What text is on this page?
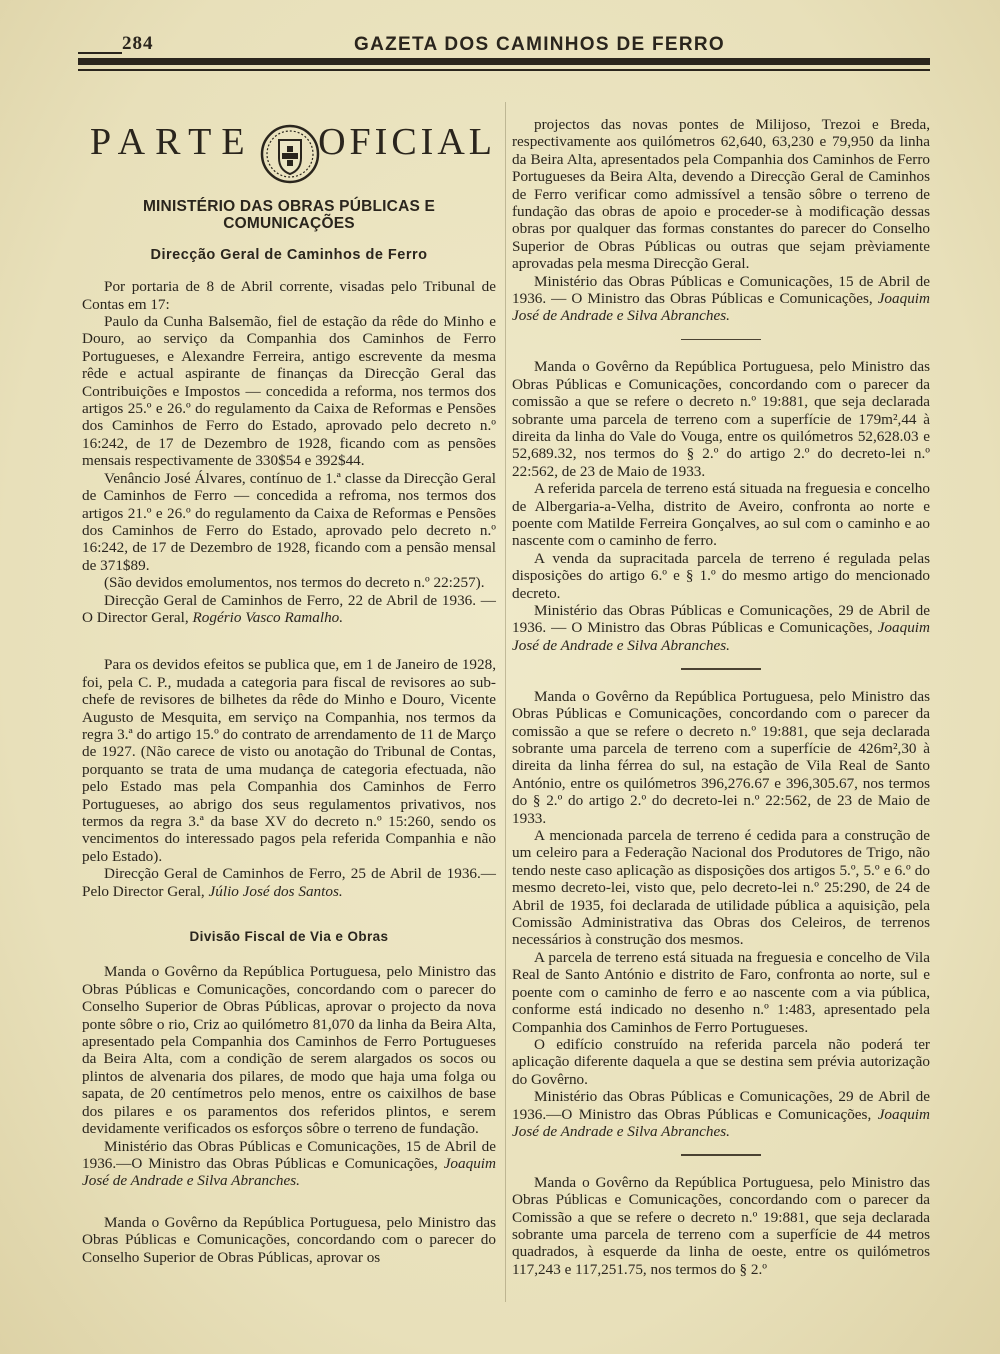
284	GAZETA DOS CAMINHOS DE FERRO
PARTE OFICIAL
MINISTÉRIO DAS OBRAS PÚBLICAS E COMUNICAÇÕES
Direcção Geral de Caminhos de Ferro

Por portaria de 8 de Abril corrente, visadas pelo Tribunal de Contas em 17:

Paulo da Cunha Balsemão, fiel de estação da rêde do Minho e Douro, ao serviço da Companhia dos Caminhos de Ferro Portugueses, e Alexandre Ferreira, antigo escrevente da mesma rêde e actual aspirante de finanças da Direcção Geral das Contribuições e Impostos — concedida a reforma, nos termos dos artigos 25.º e 26.º do regulamento da Caixa de Reformas e Pensões dos Caminhos de Ferro do Estado, aprovado pelo decreto n.º 16:242, de 17 de Dezembro de 1928, ficando com as pensões mensais respectivamente de 330$54 e 392$44.

Venâncio José Álvares, contínuo de 1.ª classe da Direcção Geral de Caminhos de Ferro — concedida a refroma, nos termos dos artigos 21.º e 26.º do regulamento da Caixa de Reformas e Pensões dos Caminhos de Ferro do Estado, aprovado pelo decreto n.º 16:242, de 17 de Dezembro de 1928, ficando com a pensão mensal de 371$89.

(São devidos emolumentos, nos termos do decreto n.º 22:257).

Direcção Geral de Caminhos de Ferro, 22 de Abril de 1936. — O Director Geral, Rogério Vasco Ramalho.

Para os devidos efeitos se publica que, em 1 de Janeiro de 1928, foi, pela C. P., mudada a categoria para fiscal de revisores ao sub-chefe de revisores de bilhetes da rêde do Minho e Douro, Vicente Augusto de Mesquita, em serviço na Companhia, nos termos da regra 3.ª do artigo 15.º do contrato de arrendamento de 11 de Março de 1927. (Não carece de visto ou anotação do Tribunal de Contas, porquanto se trata de uma mudança de categoria efectuada, não pelo Estado mas pela Companhia dos Caminhos de Ferro Portugueses, ao abrigo dos seus regulamentos privativos, nos termos da regra 3.ª da base XV do decreto n.º 15:260, sendo os vencimentos do interessado pagos pela referida Companhia e não pelo Estado).

Direcção Geral de Caminhos de Ferro, 25 de Abril de 1936.—Pelo Director Geral, Júlio José dos Santos.

Divisão Fiscal de Via e Obras

Manda o Govêrno da República Portuguesa, pelo Ministro das Obras Públicas e Comunicações, concordando com o parecer do Conselho Superior de Obras Públicas, aprovar o projecto da nova ponte sôbre o rio, Criz ao quilómetro 81,070 da linha da Beira Alta, apresentado pela Companhia dos Caminhos de Ferro Portugueses da Beira Alta, com a condição de serem alargados os socos ou plintos de alvenaria dos pilares, de modo que haja uma folga ou sapata, de 20 centímetros pelo menos, entre os caixilhos de base dos pilares e os paramentos dos referidos plintos, e serem devidamente verificados os esforços sôbre o terreno de fundação.

Ministério das Obras Públicas e Comunicações, 15 de Abril de 1936.—O Ministro das Obras Públicas e Comunicações, Joaquim José de Andrade e Silva Abranches.

Manda o Govêrno da República Portuguesa, pelo Ministro das Obras Públicas e Comunicações, concordando com o parecer do Conselho Superior de Obras Públicas, aprovar os

projectos das novas pontes de Milijoso, Trezoi e Breda, respectivamente aos quilómetros 62,640, 63,230 e 79,950 da linha da Beira Alta, apresentados pela Companhia dos Caminhos de Ferro Portugueses da Beira Alta, devendo a Direcção Geral de Caminhos de Ferro verificar como admissível a tensão sôbre o terreno de fundação das obras de apoio e proceder-se à modificação dessas obras por qualquer das formas constantes do parecer do Conselho Superior de Obras Públicas ou outras que sejam prèviamente aprovadas pela mesma Direcção Geral.

Ministério das Obras Públicas e Comunicações, 15 de Abril de 1936. — O Ministro das Obras Públicas e Comunicações, Joaquim José de Andrade e Silva Abranches.

Manda o Govêrno da República Portuguesa, pelo Ministro das Obras Públicas e Comunicações, concordando com o parecer da comissão a que se refere o decreto n.º 19:881, que seja declarada sobrante uma parcela de terreno com a superfície de 179m²,44 à direita da linha do Vale do Vouga, entre os quilómetros 52,628.03 e 52,689.32, nos termos do § 2.º do artigo 2.º do decreto-lei n.º 22:562, de 23 de Maio de 1933.

A referida parcela de terreno está situada na freguesia e concelho de Albergaria-a-Velha, distrito de Aveiro, confronta ao norte e poente com Matilde Ferreira Gonçalves, ao sul com o caminho e ao nascente com o caminho de ferro.

A venda da supracitada parcela de terreno é regulada pelas disposições do artigo 6.º e § 1.º do mesmo artigo do mencionado decreto.

Ministério das Obras Públicas e Comunicações, 29 de Abril de 1936. — O Ministro das Obras Públicas e Comunicações, Joaquim José de Andrade e Silva Abranches.

Manda o Govêrno da República Portuguesa, pelo Ministro das Obras Públicas e Comunicações, concordando com o parecer da comissão a que se refere o decreto n.º 19:881, que seja declarada sobrante uma parcela de terreno com a superfície de 426m²,30 à direita da linha férrea do sul, na estação de Vila Real de Santo António, entre os quilómetros 396,276.67 e 396,305.67, nos termos do § 2.º do artigo 2.º do decreto-lei n.º 22:562, de 23 de Maio de 1933.

A mencionada parcela de terreno é cedida para a construção de um celeiro para a Federação Nacional dos Produtores de Trigo, não tendo neste caso aplicação as disposições dos artigos 5.º, 5.º e 6.º do mesmo decreto-lei, visto que, pelo decreto-lei n.º 25:290, de 24 de Abril de 1935, foi declarada de utilidade pública a aquisição, pela Comissão Administrativa das Obras dos Celeiros, de terrenos necessários à construção dos mesmos.

A parcela de terreno está situada na freguesia e concelho de Vila Real de Santo António e distrito de Faro, confronta ao norte, sul e poente com o caminho de ferro e ao nascente com a via pública, conforme está indicado no desenho n.º 1:483, apresentado pela Companhia dos Caminhos de Ferro Portugueses.

O edifício construído na referida parcela não poderá ter aplicação diferente daquela a que se destina sem prévia autorização do Govêrno.

Ministério das Obras Públicas e Comunicações, 29 de Abril de 1936.—O Ministro das Obras Públicas e Comunicações, Joaquim José de Andrade e Silva Abranches.

Manda o Govêrno da República Portuguesa, pelo Ministro das Obras Públicas e Comunicações, concordando com o parecer da Comissão a que se refere o decreto n.º 19:881, que seja declarada sobrante uma parcela de terreno com a superfície de 44 metros quadrados, à esquerde da linha de oeste, entre os quilómetros 117,243 e 117,251.75, nos termos do § 2.º
